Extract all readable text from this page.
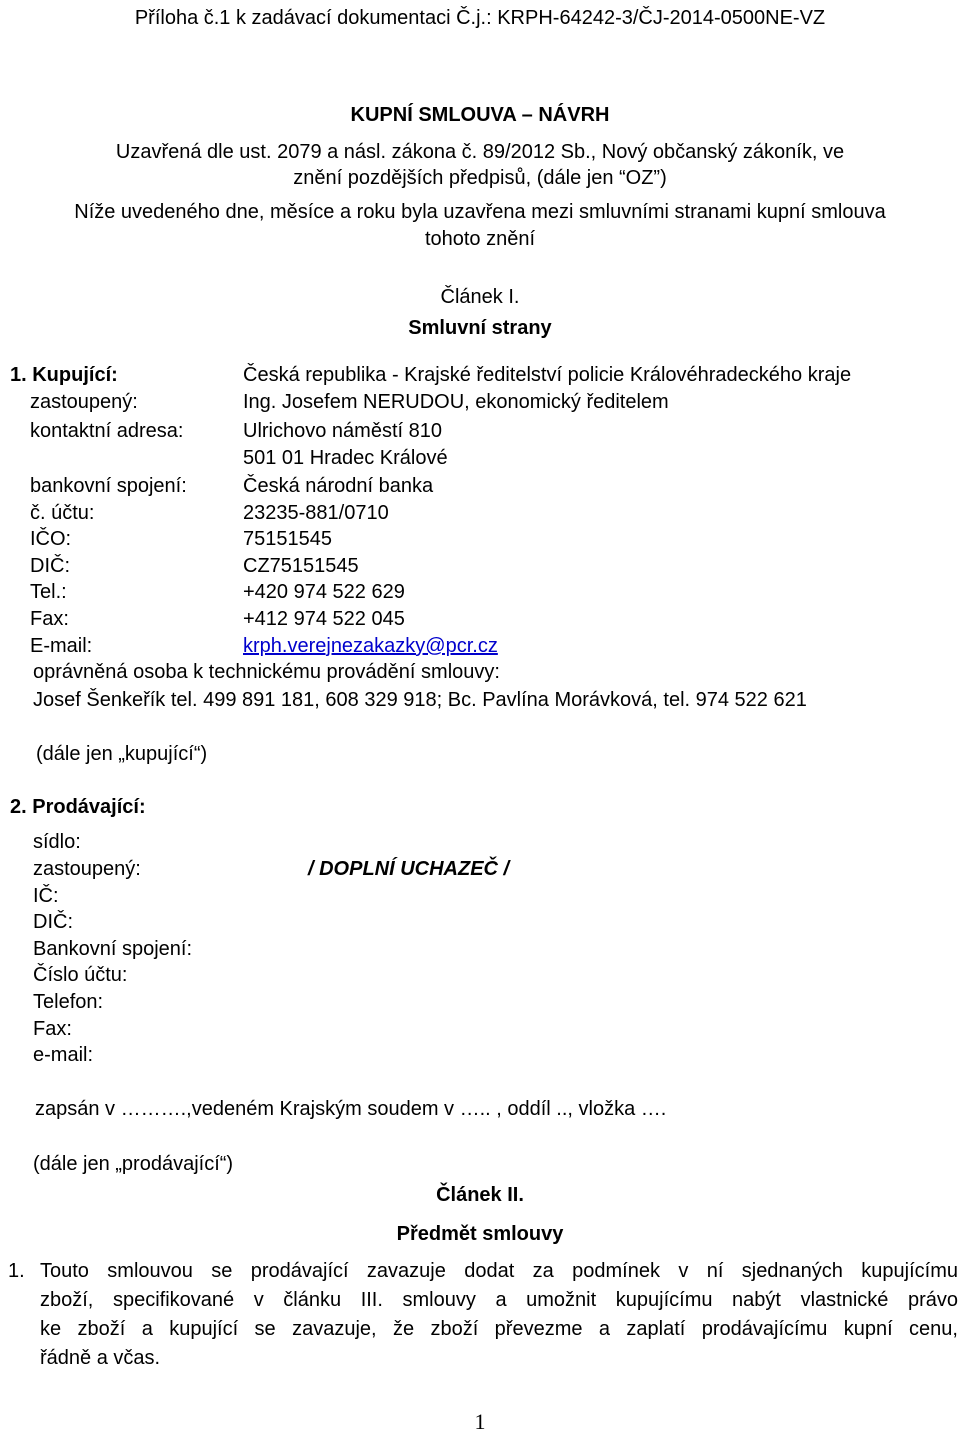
Příloha č.1 k zadávací dokumentaci Č.j.: KRPH-64242-3/ČJ-2014-0500NE-VZ
KUPNÍ SMLOUVA – NÁVRH
Uzavřená dle ust. 2079 a násl. zákona č. 89/2012 Sb., Nový občanský zákoník, ve
znění pozdějších předpisů, (dále jen “OZ”)
Níže uvedeného dne, měsíce a roku byla uzavřena mezi smluvními stranami kupní smlouva
tohoto znění
Článek I.
Smluvní strany
1. Kupující:	Česká republika - Krajské ředitelství policie Královéhradeckého kraje
zastoupený:	Ing. Josefem NERUDOU, ekonomický ředitelem
kontaktní adresa:	Ulrichovo náměstí 810
501 01 Hradec Králové
bankovní spojení:	Česká národní banka
č. účtu:	23235-881/0710
IČO:	75151545
DIČ:	CZ75151545
Tel.:	+420 974 522 629
Fax:	+412 974 522 045
E-mail:	krph.verejnezakazky@pcr.cz
oprávněná osoba k technickému provádění smlouvy:
Josef Šenkeřík tel. 499 891 181, 608 329 918; Bc. Pavlína Morávková, tel. 974 522 621
(dále jen „kupující“)
2. Prodávající:
sídlo:
zastoupený:	/ DOPLNÍ UCHAZEČ /
IČ:
DIČ:
Bankovní spojení:
Číslo účtu:
Telefon:
Fax:
e-mail:
zapsán v ……….,vedeném Krajským soudem v ….. , oddíl .., vložka ….
(dále jen „prodávající“)
Článek II.
Předmět smlouvy
1. Touto smlouvou se prodávající zavazuje dodat za podmínek v ní sjednaných kupujícímu
zboží, specifikované v článku III. smlouvy a umožnit kupujícímu nabýt vlastnické právo
ke zboží a kupující se zavazuje, že zboží převezme a zaplatí prodávajícímu kupní cenu,
řádně a včas.
1
